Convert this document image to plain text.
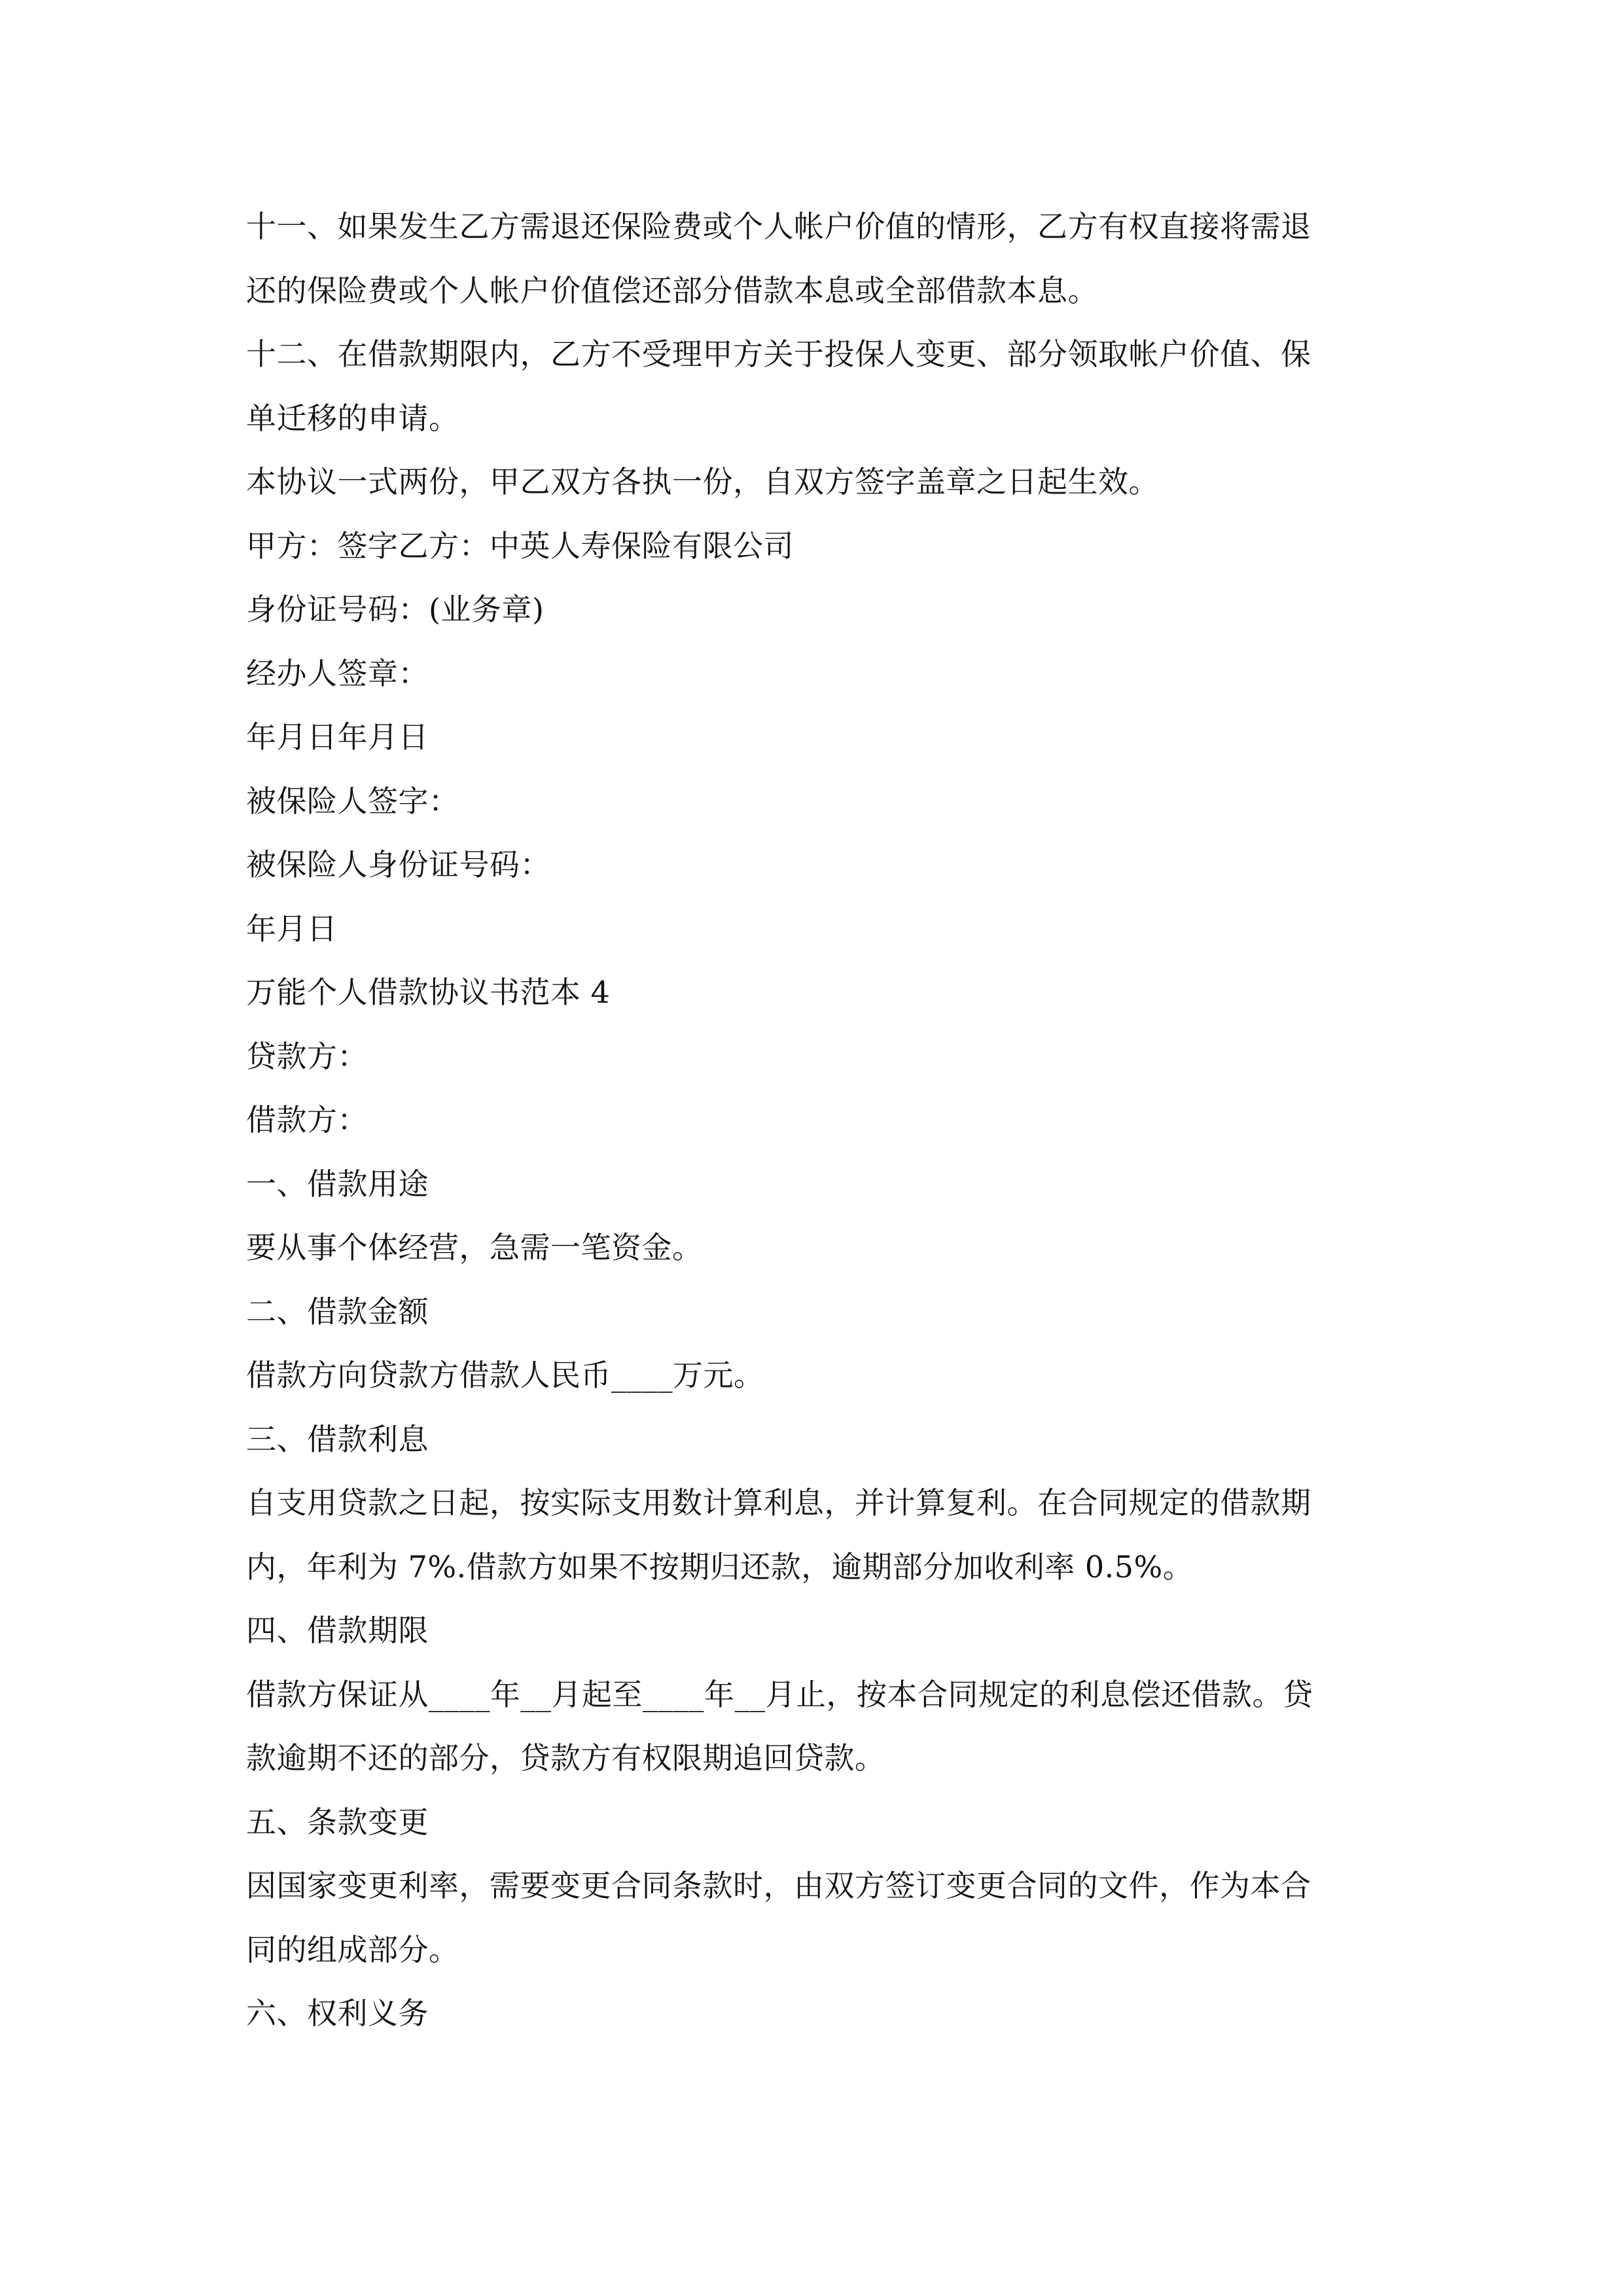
十一、如果发生乙方需退还保险费或个人帐户价值的情形，乙方有权直接将需退
还的保险费或个人帐户价值偿还部分借款本息或全部借款本息。
十二、在借款期限内，乙方不受理甲方关于投保人变更、部分领取帐户价值、保
单迁移的申请。
本协议一式两份，甲乙双方各执一份，自双方签字盖章之日起生效。
甲方：签字乙方：中英人寿保险有限公司
身份证号码：(业务章)
经办人签章：
年月日年月日
被保险人签字：
被保险人身份证号码：
年月日
万能个人借款协议书范本 4
贷款方：
借款方：
一、借款用途
要从事个体经营，急需一笔资金。
二、借款金额
借款方向贷款方借款人民币____万元。
三、借款利息
自支用贷款之日起，按实际支用数计算利息，并计算复利。在合同规定的借款期
内，年利为 7%.借款方如果不按期归还款，逾期部分加收利率 0.5%。
四、借款期限
借款方保证从____年__月起至____年__月止，按本合同规定的利息偿还借款。贷
款逾期不还的部分，贷款方有权限期追回贷款。
五、条款变更
因国家变更利率，需要变更合同条款时，由双方签订变更合同的文件，作为本合
同的组成部分。
六、权利义务
